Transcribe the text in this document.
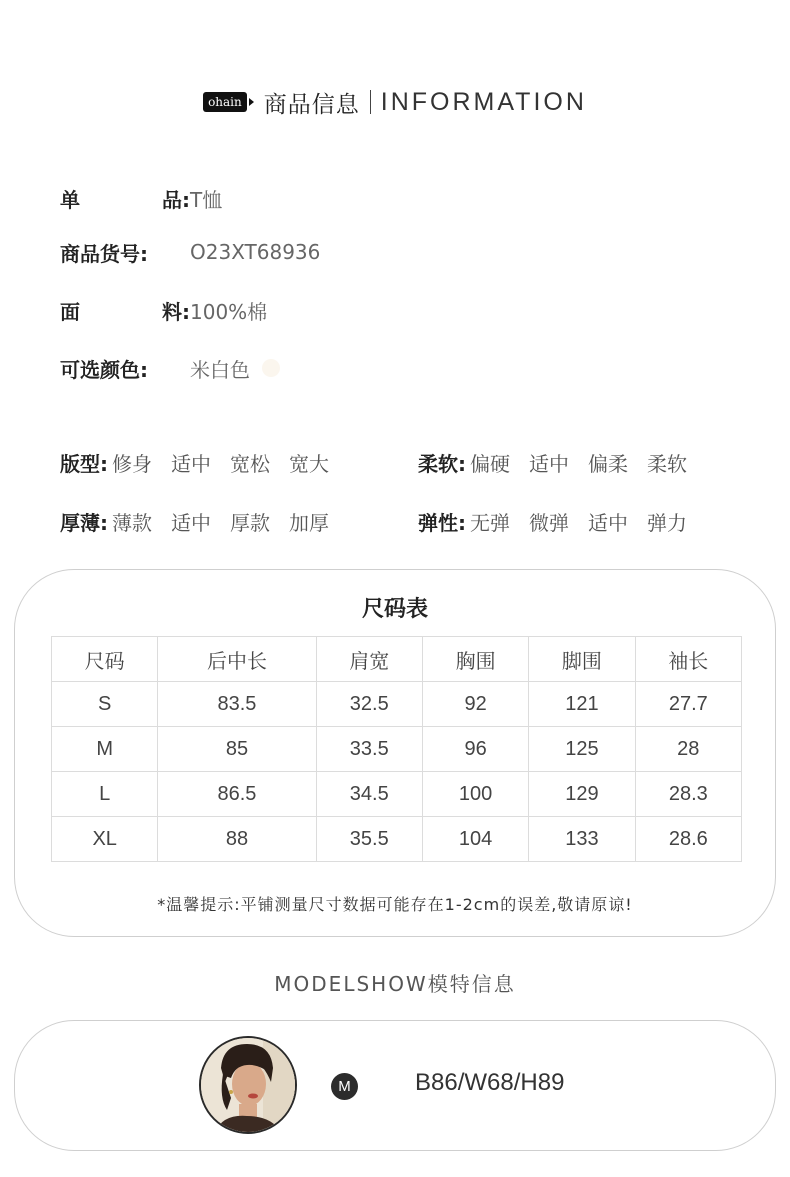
ohain 商品信息 INFORMATION
单	品: T恤
商品货号: O23XT68936
面	料: 100%棉
可选颜色: 米白色
版型: 修身 适中 宽松 宽大	柔软: 偏硬 适中 偏柔 柔软
厚薄: 薄款 适中 厚款 加厚	弹性: 无弹 微弹 适中 弹力
尺码表
尺码	后中长	肩宽	胸围	脚围	袖长
S	83.5	32.5	92	121	27.7
M	85	33.5	96	125	28
L	86.5	34.5	100	129	28.3
XL	88	35.5	104	133	28.6
*温馨提示:平铺测量尺寸数据可能存在1-2cm的误差,敬请原谅!
MODELSHOW模特信息
M	B86/W68/H89
